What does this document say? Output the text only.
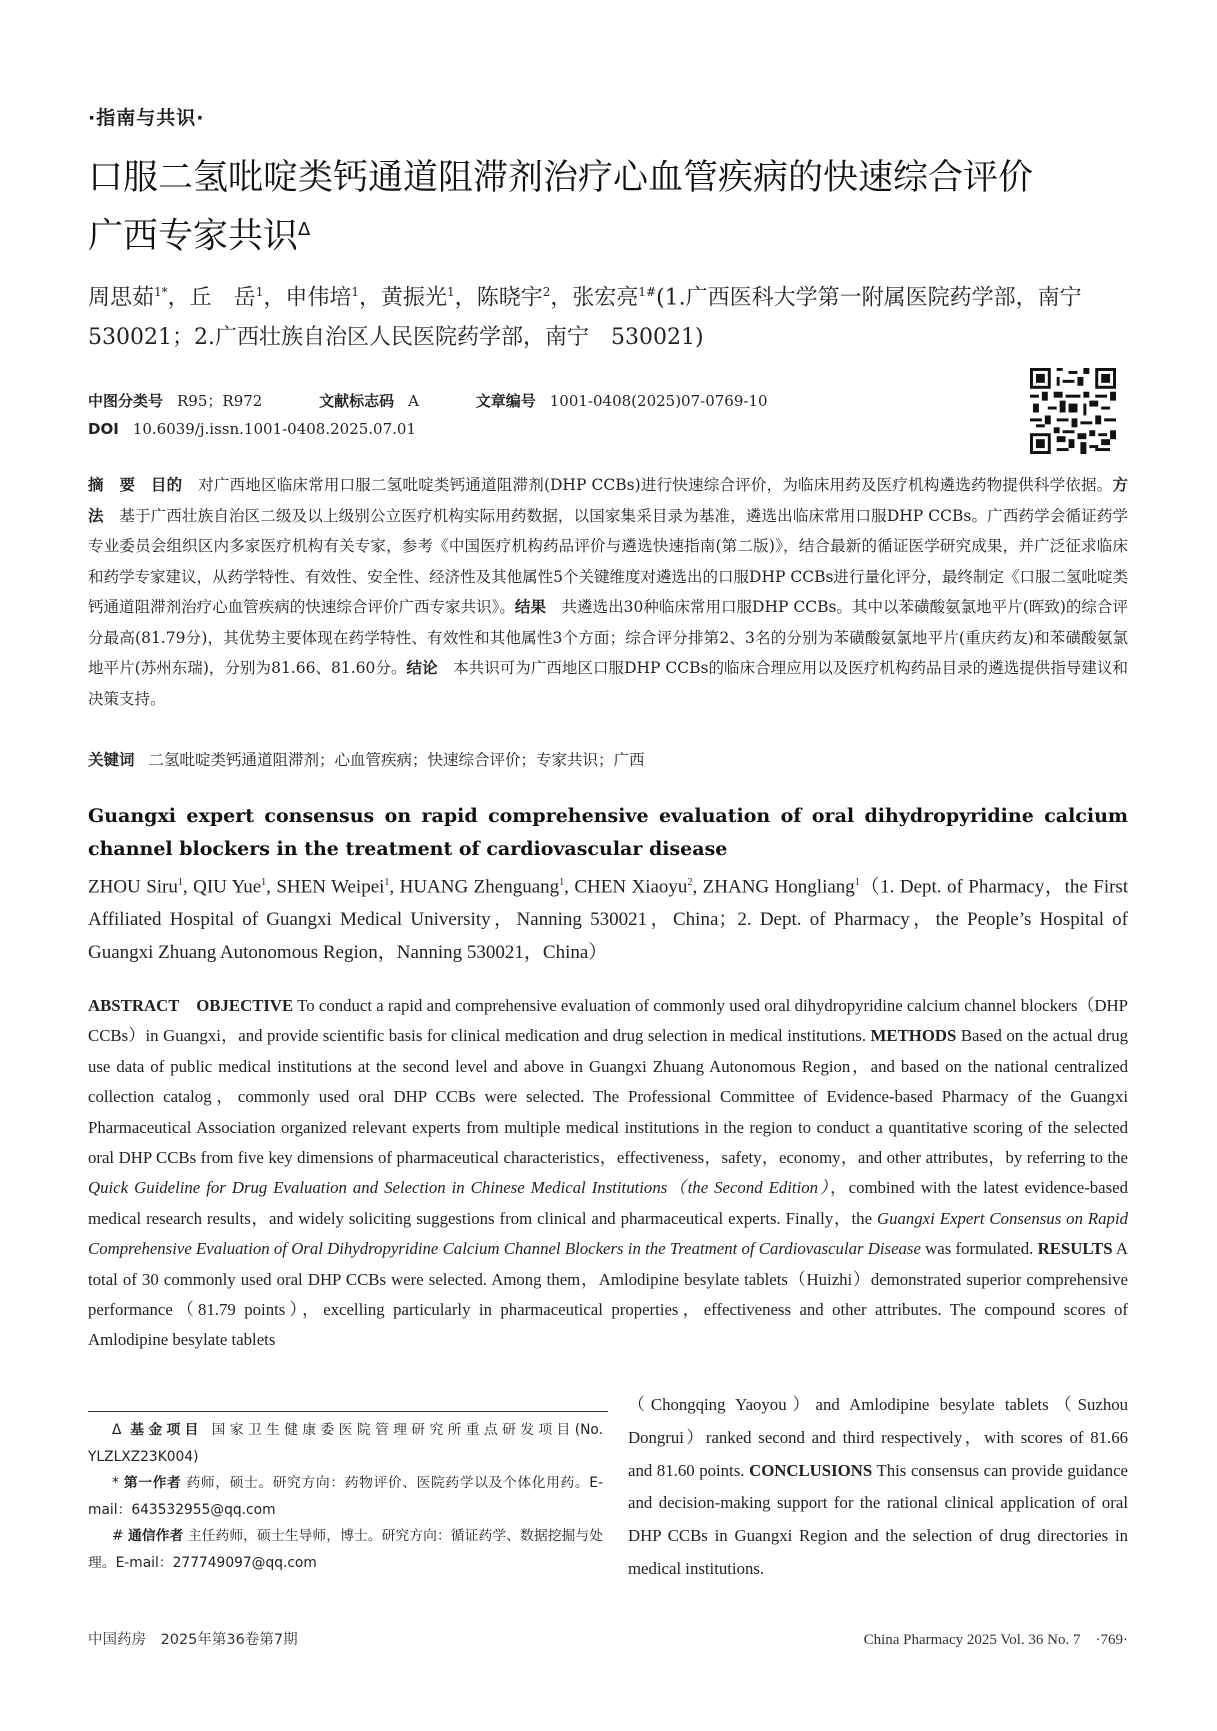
·指南与共识·
口服二氢吡啶类钙通道阻滞剂治疗心血管疾病的快速综合评价
广西专家共识$^\Delta$
周思茹$^{1*}$，丘　岳$^1$，申伟培$^1$，黄振光$^1$，陈晓宇$^2$，张宏亮$^{1\#}$(1.广西医科大学第一附属医院药学部，南宁　530021；2.广西壮族自治区人民医院药学部，南宁　530021)
中图分类号 R95；R972	文献标志码 A	文章编号 1001-0408(2025)07-0769-10
DOI 10.6039/j.issn.1001-0408.2025.07.01
摘　要　 目的　 对广西地区临床常用口服二氢吡啶类钙通道阻滞剂(DHP CCBs)进行快速综合评价，为临床用药及医疗机构遴选药物提供科学依据。方法　 基于广西壮族自治区二级及以上级别公立医疗机构实际用药数据，以国家集采目录为基准，遴选出临床常用口服DHP CCBs。广西药学会循证药学专业委员会组织区内多家医疗机构有关专家，参考《中国医疗机构药品评价与遴选快速指南(第二版)》，结合最新的循证医学研究成果，并广泛征求临床和药学专家建议，从药学特性、有效性、安全性、经济性及其他属性5个关键维度对遴选出的口服DHP CCBs进行量化评分，最终制定《口服二氢吡啶类钙通道阻滞剂治疗心血管疾病的快速综合评价广西专家共识》。结果　 共遴选出30种临床常用口服DHP CCBs。其中以苯磺酸氨氯地平片(晖致)的综合评分最高(81.79分)，其优势主要体现在药学特性、有效性和其他属性3个方面；综合评分排第2、3名的分别为苯磺酸氨氯地平片(重庆药友)和苯磺酸氨氯地平片(苏州东瑞)，分别为81.66、81.60分。结论　 本共识可为广西地区口服DHP CCBs的临床合理应用以及医疗机构药品目录的遴选提供指导建议和决策支持。
关键词 二氢吡啶类钙通道阻滞剂；心血管疾病；快速综合评价；专家共识；广西
Guangxi expert consensus on rapid comprehensive evaluation of oral dihydropyridine calcium channel blockers in the treatment of cardiovascular disease
ZHOU Siru$^1$, QIU Yue$^1$, SHEN Weipei$^1$, HUANG Zhenguang$^1$, CHEN Xiaoyu$^2$, ZHANG Hongliang$^1$（1. Dept. of Pharmacy，the First Affiliated Hospital of Guangxi Medical University，Nanning 530021，China；2. Dept. of Pharmacy，the People’s Hospital of Guangxi Zhuang Autonomous Region，Nanning 530021，China）
ABSTRACT　 OBJECTIVE To conduct a rapid and comprehensive evaluation of commonly used oral dihydropyridine calcium channel blockers（DHP CCBs）in Guangxi，and provide scientific basis for clinical medication and drug selection in medical institutions. METHODS Based on the actual drug use data of public medical institutions at the second level and above in Guangxi Zhuang Autonomous Region，and based on the national centralized collection catalog，commonly used oral DHP CCBs were selected. The Professional Committee of Evidence-based Pharmacy of the Guangxi Pharmaceutical Association organized relevant experts from multiple medical institutions in the region to conduct a quantitative scoring of the selected oral DHP CCBs from five key dimensions of pharmaceutical characteristics，effectiveness，safety，economy，and other attributes，by referring to the Quick Guideline for Drug Evaluation and Selection in Chinese Medical Institutions（the Second Edition），combined with the latest evidence-based medical research results，and widely soliciting suggestions from clinical and pharmaceutical experts. Finally，the Guangxi Expert Consensus on Rapid Comprehensive Evaluation of Oral Dihydropyridine Calcium Channel Blockers in the Treatment of Cardiovascular Disease was formulated. RESULTS A total of 30 commonly used oral DHP CCBs were selected. Among them，Amlodipine besylate tablets（Huizhi）demonstrated superior comprehensive performance（81.79 points），excelling particularly in pharmaceutical properties，effectiveness and other attributes. The compound scores of Amlodipine besylate tablets
（Chongqing Yaoyou）and Amlodipine besylate tablets（Suzhou Dongrui）ranked second and third respectively，with scores of 81.66 and 81.60 points. CONCLUSIONS This consensus can provide guidance and decision-making support for the rational clinical application of oral DHP CCBs in Guangxi Region and the selection of drug directories in medical institutions.

Δ 基金项目 国家卫生健康委医院管理研究所重点研发项目(No. YLZLXZ23K004)

* 第一作者 药师，硕士。研究方向：药物评价、医院药学以及个体化用药。E-mail：643532955@qq.com

# 通信作者 主任药师，硕士生导师，博士。研究方向：循证药学、数据挖掘与处理。E-mail：277749097@qq.com

中国药房　2025年第36卷第7期	China Pharmacy 2025 Vol. 36 No. 7　·769·
